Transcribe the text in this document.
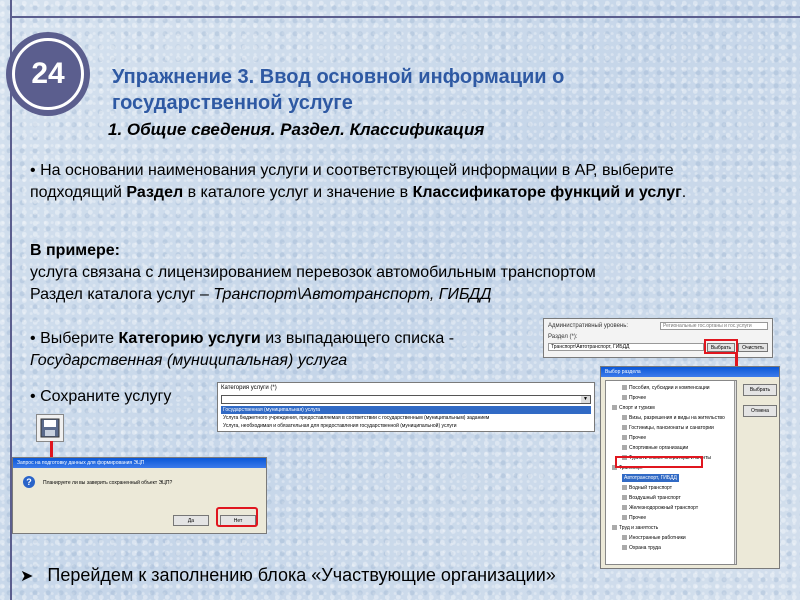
24	Упражнение 3. Ввод основной информации о государственной услуге
1. Общие сведения. Раздел. Классификация
• На основании наименования услуги и соответствующей информации в АР, выберите подходящий Раздел в каталоге услуг и значение в Классификаторе функций и услуг.
В примере:
услуга связана с лицензированием перевозок автомобильным транспортом
Раздел каталога услуг – Транспорт\Автотранспорт, ГИБДД
• Выберите Категорию услуги из выпадающего списка - Государственная (муниципальная) услуга
• Сохраните услугу
Административный уровень:	Региональные гос.органы и гос.услуги
Раздел (*):
Транспорт\Автотранспорт, ГИБДД	Выбрать	Очистить
Категория услуги (*)
▼
Государственная (муниципальная) услуга
Услуга бюджетного учреждения, предоставляемая в соответствии с государственным (муниципальным) заданием
Услуга, необходимая и обязательная для предоставления государственной (муниципальной) услуги
Запрос на подготовку данных для формирования ЭЦП
?	Планируете ли вы заверить сохраненный объект ЭЦП?
Да	Нет
Выбор раздела
Пособия, субсидии и компенсации
Прочее
Спорт и туризм
Визы, разрешения и виды на жительство
Гостиницы, пансионаты и санатории
Прочее
Спортивные организации
Туристические операторы и агенты
Транспорт
Автотранспорт, ГИБДД
Водный транспорт
Воздушный транспорт
Железнодорожный транспорт
Прочее
Труд и занятость
Иностранные работники
Охрана труда
Выбрать
Отмена
➤ Перейдем к заполнению блока «Участвующие организации»
